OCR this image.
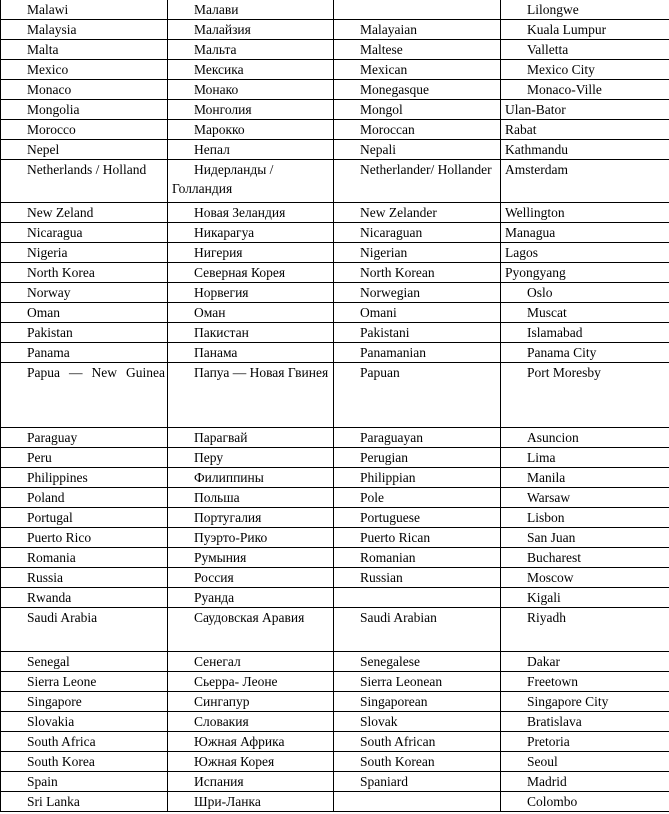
Malawi	Малави		Lilongwe
Malaysia	Малайзия	Malayaian	Kuala Lumpur
Malta	Мальта	Maltese	Valletta
Mexico	Мексика	Mexican	Mexico City
Monaco	Монако	Monegasque	Monaco-Ville
Mongolia	Монголия	Mongol	Ulan-Bator
Morocco	Марокко	Moroccan	Rabat
Nepel	Непал	Nepali	Kathmandu
Netherlands / Holland	Нидерланды / Голландия	Netherlander/ Hollander	Amsterdam
New Zeland	Новая Зеландия	New Zelander	Wellington
Nicaragua	Никарагуа	Nicaraguan	Managua
Nigeria	Нигерия	Nigerian	Lagos
North Korea	Северная Корея	North Korean	Pyongyang
Norway	Норвегия	Norwegian	Oslo
Oman	Оман	Omani	Muscat
Pakistan	Пакистан	Pakistani	Islamabad
Panama	Панама	Panamanian	Panama City
Papua — New Guinea	Папуа — Новая Гвинея	Papuan	Port Moresby
Paraguay	Парагвай	Paraguayan	Asuncion
Peru	Перу	Perugian	Lima
Philippines	Филиппины	Philippian	Manila
Poland	Польша	Pole	Warsaw
Portugal	Португалия	Portuguese	Lisbon
Puerto Rico	Пуэрто-Рико	Puerto Rican	San Juan
Romania	Румыния	Romanian	Bucharest
Russia	Россия	Russian	Moscow
Rwanda	Руанда		Kigali
Saudi Arabia	Саудовская Аравия	Saudi Arabian	Riyadh
Senegal	Сенегал	Senegalese	Dakar
Sierra Leone	Сьерра- Леоне	Sierra Leonean	Freetown
Singapore	Сингапур	Singaporean	Singapore City
Slovakia	Словакия	Slovak	Bratislava
South Africa	Южная Африка	South African	Pretoria
South Korea	Южная Корея	South Korean	Seoul
Spain	Испания	Spaniard	Madrid
Sri Lanka	Шри-Ланка		Colombo
